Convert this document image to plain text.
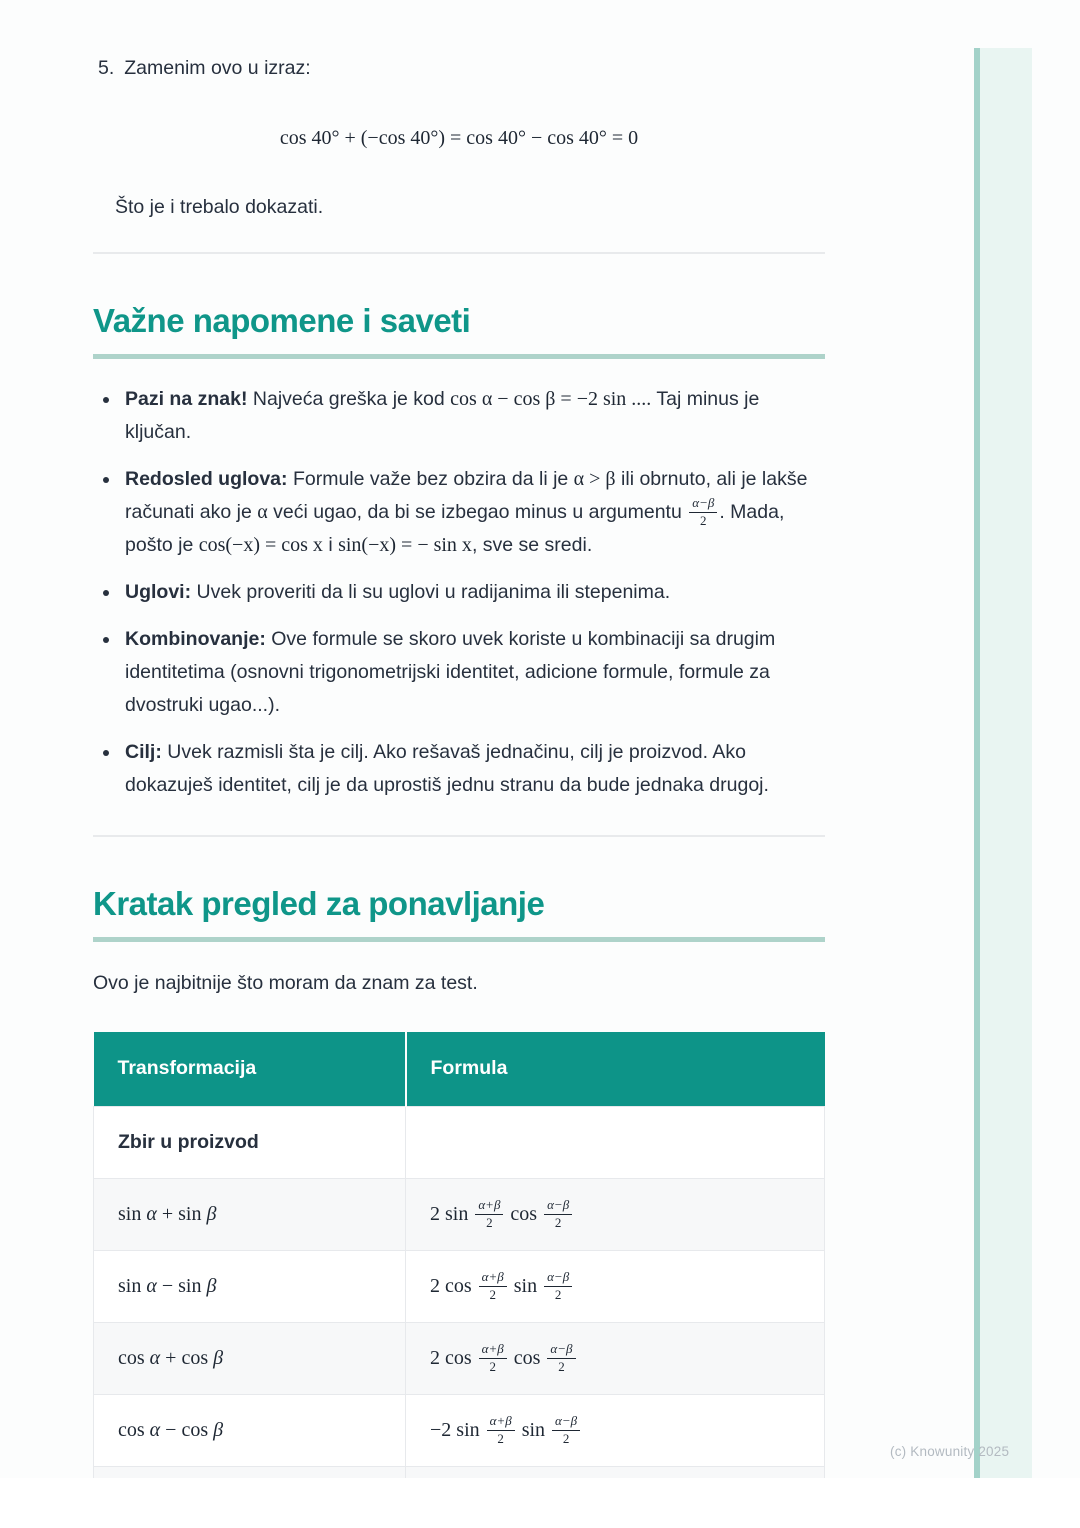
(c) Knowunity 2025
5. Zamenim ovo u izraz:
cos 40° + (−cos 40°) = cos 40° − cos 40° = 0

Što je i trebalo dokazati.

Važne napomene i saveti
Pazi na znak! Najveća greška je kod cos α − cos β = −2 sin .... Taj minus je ključan.
Redosled uglova: Formule važe bez obzira da li je α > β ili obrnuto, ali je lakše računati ako je α veći ugao, da bi se izbegao minus u argumentu $\frac{\alpha-\beta}{2}$ . Mada, pošto je cos(−x) = cos x i sin(−x) = − sin x, sve se sredi.
Uglovi: Uvek proveriti da li su uglovi u radijanima ili stepenima.
Kombinovanje: Ove formule se skoro uvek koriste u kombinaciji sa drugim identitetima (osnovni trigonometrijski identitet, adicione formule, formule za dvostruki ugao...).
Cilj: Uvek razmisli šta je cilj. Ako rešavaš jednačinu, cilj je proizvod. Ako dokazuješ identitet, cilj je da uprostiš jednu stranu da bude jednaka drugoj.
Kratak pregled za ponavljanje

Ovo je najbitnije što moram da znam za test.

Transformacija	Formula
Zbir u proizvod	
sin α + sin β	2 $\sin \frac{\alpha+\beta}{2}$ $\cos \frac{\alpha-\beta}{2}$

sin α − sin β	2 $\cos \frac{\alpha+\beta}{2}$ $\sin \frac{\alpha-\beta}{2}$

cos α + cos β	2 $\cos \frac{\alpha+\beta}{2}$ $\cos \frac{\alpha-\beta}{2}$

cos α − cos β	−2 $\sin \frac{\alpha+\beta}{2}$ $\sin \frac{\alpha-\beta}{2}$
